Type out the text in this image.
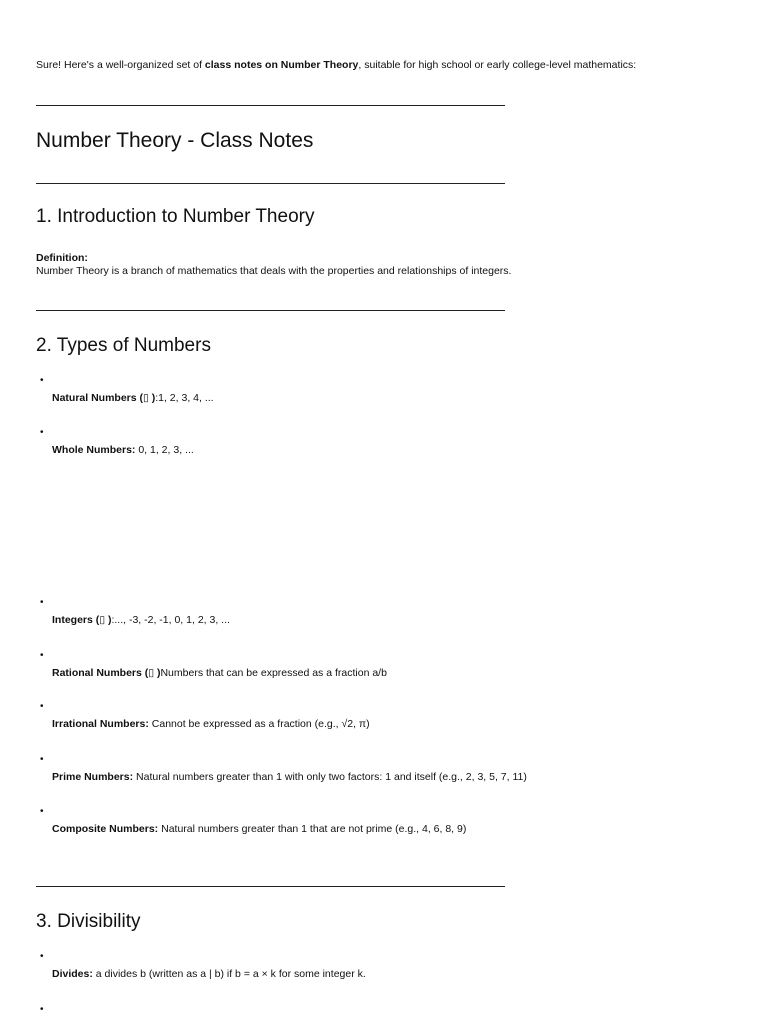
Sure! Here's a well-organized set of class notes on Number Theory, suitable for high school or early college-level mathematics:
Number Theory - Class Notes
1. Introduction to Number Theory
Definition:
Number Theory is a branch of mathematics that deals with the properties and relationships of integers.
2. Types of Numbers
•
Natural Numbers (▯ ):1, 2, 3, 4, ...
•
Whole Numbers: 0, 1, 2, 3, ...
•
Integers (▯ ):..., -3, -2, -1, 0, 1, 2, 3, ...
•
Rational Numbers (▯ )Numbers that can be expressed as a fraction a/b
•
Irrational Numbers: Cannot be expressed as a fraction (e.g., √2, π)
•
Prime Numbers: Natural numbers greater than 1 with only two factors: 1 and itself (e.g., 2, 3, 5, 7, 11)
•
Composite Numbers: Natural numbers greater than 1 that are not prime (e.g., 4, 6, 8, 9)
3. Divisibility
•
Divides: a divides b (written as a | b) if b = a × k for some integer k.
•
